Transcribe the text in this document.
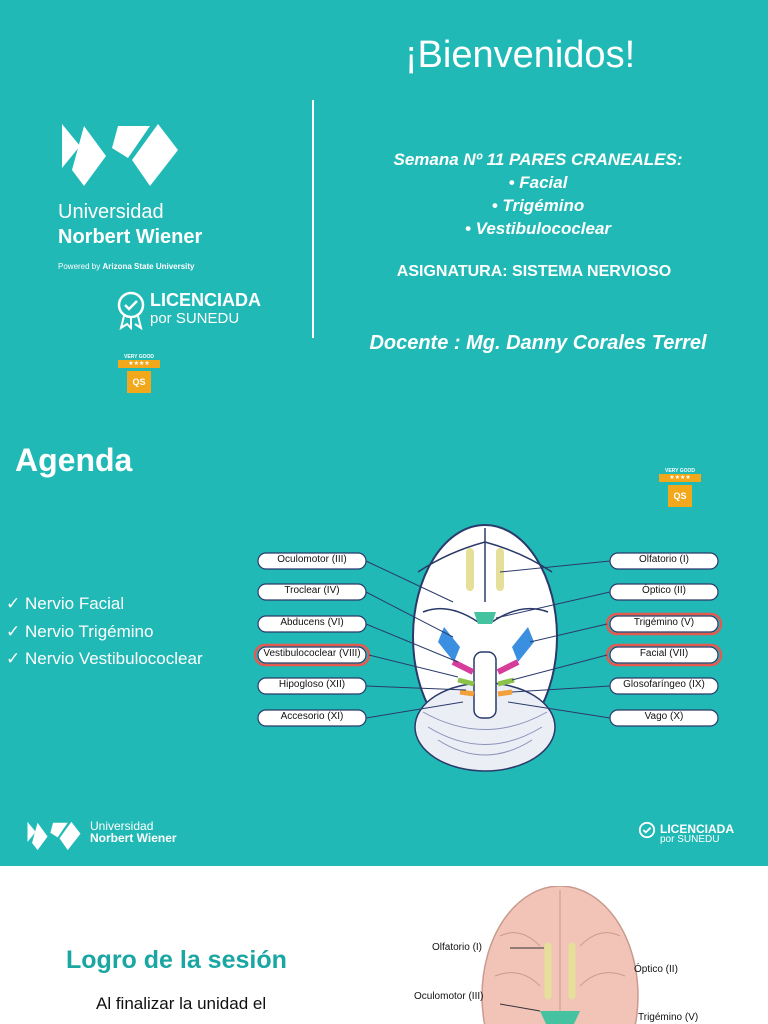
¡Bienvenidos!
Universidad
Norbert Wiener
Powered by Arizona State University
LICENCIADA
por SUNEDU
VERY GOOD
★★★★
QS
Semana Nº 11 PARES CRANEALES:
• Facial
• Trigémino
• Vestibulococlear
ASIGNATURA: SISTEMA NERVIOSO
Docente : Mg. Danny Corales Terrel
Agenda	VERY GOOD
★★★★
QS
✓ Nervio Facial
✓ Nervio Trigémino
✓ Nervio Vestibulococlear
Oculomotor (III)
Troclear (IV)
Abducens (VI)
Vestibulococlear (VIII)
Hipogloso (XII)
Accesorio (XI)
Olfatorio (I)
Óptico (II)
Trigémino (V)
Facial (VII)
Glosofaríngeo (IX)
Vago (X)
Universidad
Norbert Wiener
LICENCIADA
por SUNEDU
Logro de la sesión
Al finalizar la unidad el
Olfatorio (I)
Óptico (II)
Oculomotor (III)
Trigémino (V)
